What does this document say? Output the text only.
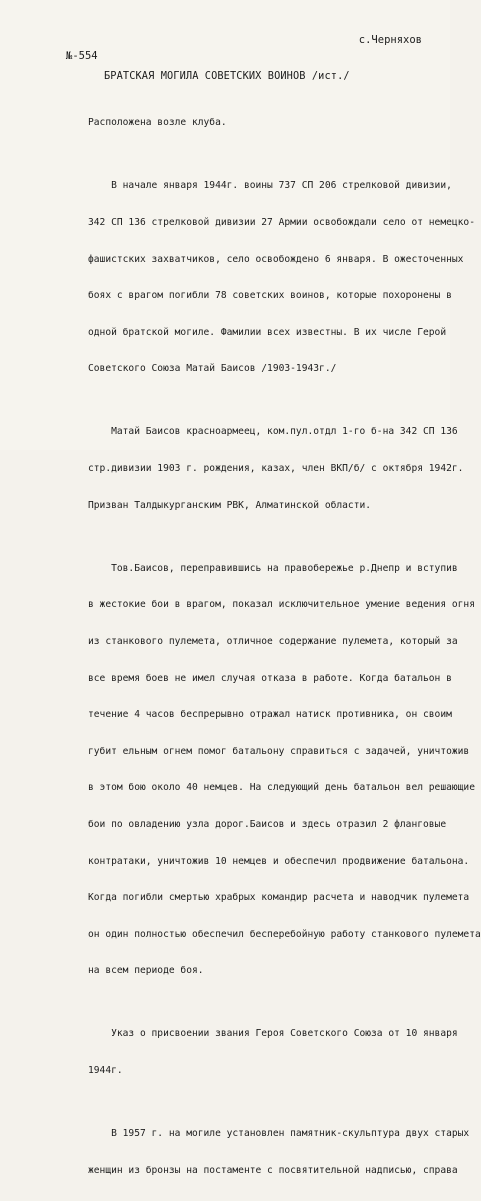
с.Черняхов
№-554
БРАТСКАЯ МОГИЛА СОВЕТСКИХ ВОИНОВ /ист./

Расположена возле клуба.

В начале января 1944г. воины 737 СП 206 стрелковой дивизии,

342 СП 136 стрелковой дивизии 27 Армии освобождали село от немецко-

фашистских захватчиков, село освобождено 6 января. В ожесточенных

боях с врагом погибли 78 советских воинов, которые похоронены в

одной братской могиле. Фамилии всех известны. В их числе Герой

Советского Союза Матай Баисов /1903-1943г./

Матай Баисов красноармеец, ком.пул.отдл 1-го б-на 342 СП 136

стр.дивизии 1903 г. рождения, казах, член ВКП/б/ с октября 1942г.

Призван Талдыкурганским РВК, Алматинской области.

Тов.Баисов, переправившись на правобережье р.Днепр и вступив

в жестокие бои в врагом, показал исключительное умение ведения огня

из станкового пулемета, отличное содержание пулемета, который за

все время боев не имел случая отказа в работе. Когда батальон в

течение 4 часов беспрерывно отражал натиск противника, он своим

губит ельным огнем помог батальону справиться с задачей, уничтожив

в этом бою около 40 немцев. На следующий день батальон вел решающие

бои по овладению узла дорог.Баисов и здесь отразил 2 фланговые

контратаки, уничтожив 10 немцев и обеспечил продвижение батальона.

Когда погибли смертью храбрых командир расчета и наводчик пулемета

он один полностью обеспечил бесперебойную работу станкового пулемета

на всем периоде боя.

Указ о присвоении звания Героя Советского Союза от 10 января

1944г.

В 1957 г. на могиле установлен памятник-скульптура двух старых

женщин из бронзы на постаменте с посвятительной надписью, справа
